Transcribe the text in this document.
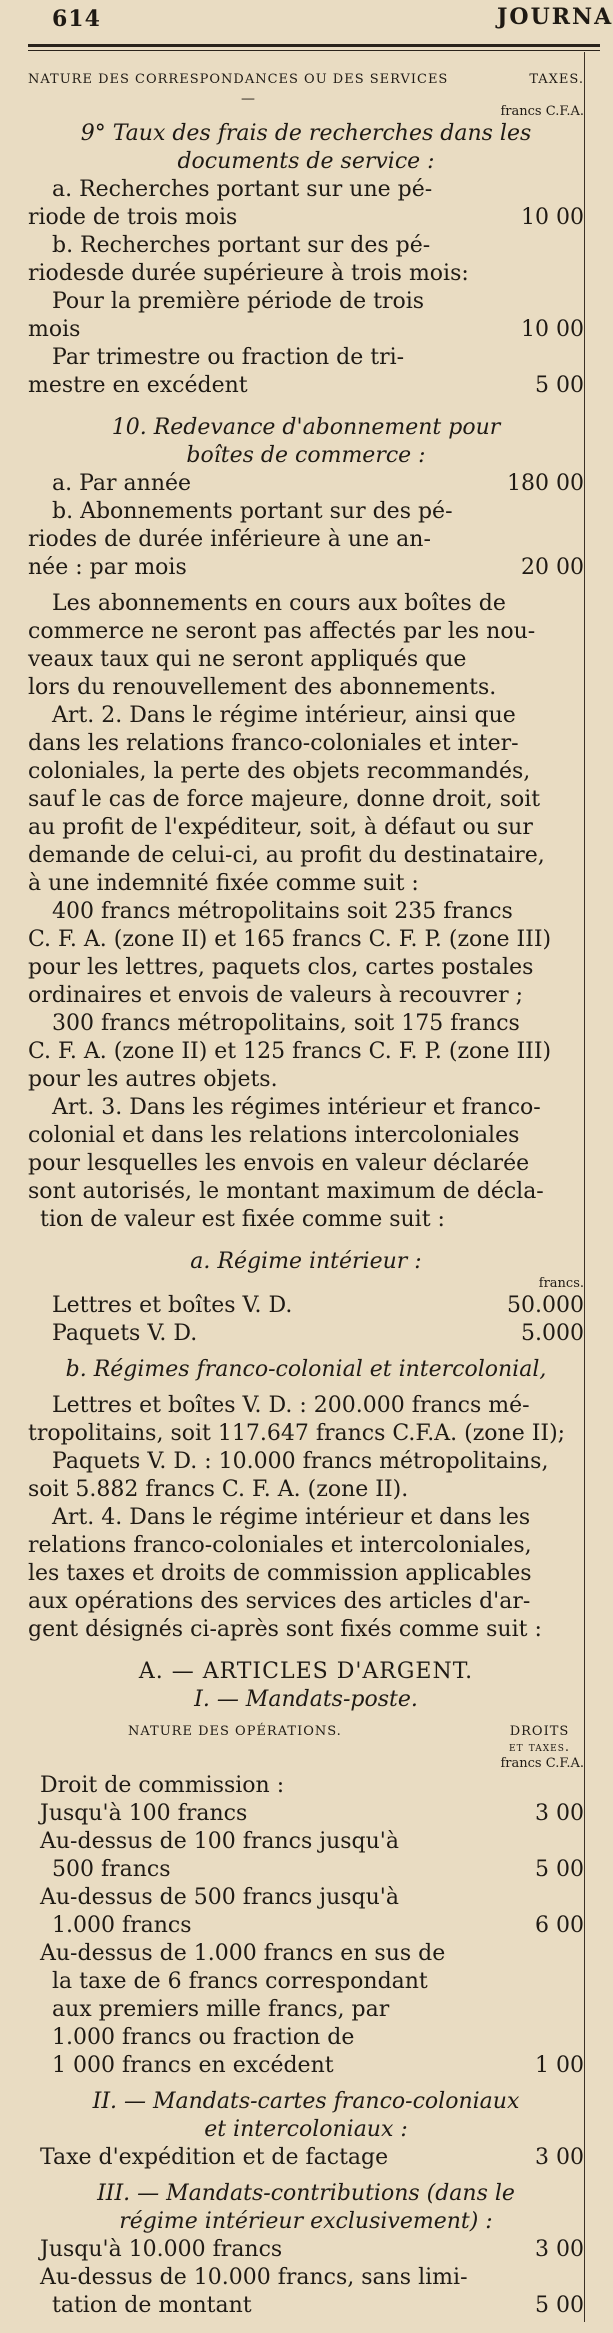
614	JOURNA
NATURE DES CORRESPONDANCES OU DES SERVICES	TAXES.
—
francs C.F.A.
9° Taux des frais de recherches dans les
documents de service :
a. Recherches portant sur une pé-
riode de trois mois	10 00
b. Recherches portant sur des pé-
riodesde durée supérieure à trois mois:
Pour la première période de trois
mois	10 00
Par trimestre ou fraction de tri-
mestre en excédent	5 00
10. Redevance d'abonnement pour
boîtes de commerce :
a. Par année	180 00
b. Abonnements portant sur des pé-
riodes de durée inférieure à une an-
née : par mois	20 00
Les abonnements en cours aux boîtes de
commerce ne seront pas affectés par les nou-
veaux taux qui ne seront appliqués que
lors du renouvellement des abonnements.
Art. 2. Dans le régime intérieur, ainsi que
dans les relations franco-coloniales et inter-
coloniales, la perte des objets recommandés,
sauf le cas de force majeure, donne droit, soit
au profit de l'expéditeur, soit, à défaut ou sur
demande de celui-ci, au profit du destinataire,
à une indemnité fixée comme suit :
400 francs métropolitains soit 235 francs
C. F. A. (zone II) et 165 francs C. F. P. (zone III)
pour les lettres, paquets clos, cartes postales
ordinaires et envois de valeurs à recouvrer ;
300 francs métropolitains, soit 175 francs
C. F. A. (zone II) et 125 francs C. F. P. (zone III)
pour les autres objets.
Art. 3. Dans les régimes intérieur et franco-
colonial et dans les relations intercoloniales
pour lesquelles les envois en valeur déclarée
sont autorisés, le montant maximum de décla-
tion de valeur est fixée comme suit :
a. Régime intérieur :
francs.
Lettres et boîtes V. D.	50.000
Paquets V. D.	5.000
b. Régimes franco-colonial et intercolonial,
Lettres et boîtes V. D. : 200.000 francs mé-
tropolitains, soit 117.647 francs C.F.A. (zone II);
Paquets V. D. : 10.000 francs métropolitains,
soit 5.882 francs C. F. A. (zone II).
Art. 4. Dans le régime intérieur et dans les
relations franco-coloniales et intercoloniales,
les taxes et droits de commission applicables
aux opérations des services des articles d'ar-
gent désignés ci-après sont fixés comme suit :
A. — ARTICLES D'ARGENT.
I. — Mandats-poste.
NATURE DES OPÉRATIONS.	DROITS
et taxes.
francs C.F.A.
Droit de commission :
Jusqu'à 100 francs	3 00
Au-dessus de 100 francs jusqu'à
500 francs	5 00
Au-dessus de 500 francs jusqu'à
1.000 francs	6 00
Au-dessus de 1.000 francs en sus de
la taxe de 6 francs correspondant
aux premiers mille francs, par
1.000 francs ou fraction de
1 000 francs en excédent	1 00
II. — Mandats-cartes franco-coloniaux
et intercoloniaux :
Taxe d'expédition et de factage	3 00
III. — Mandats-contributions (dans le
régime intérieur exclusivement) :
Jusqu'à 10.000 francs	3 00
Au-dessus de 10.000 francs, sans limi-
tation de montant	5 00
